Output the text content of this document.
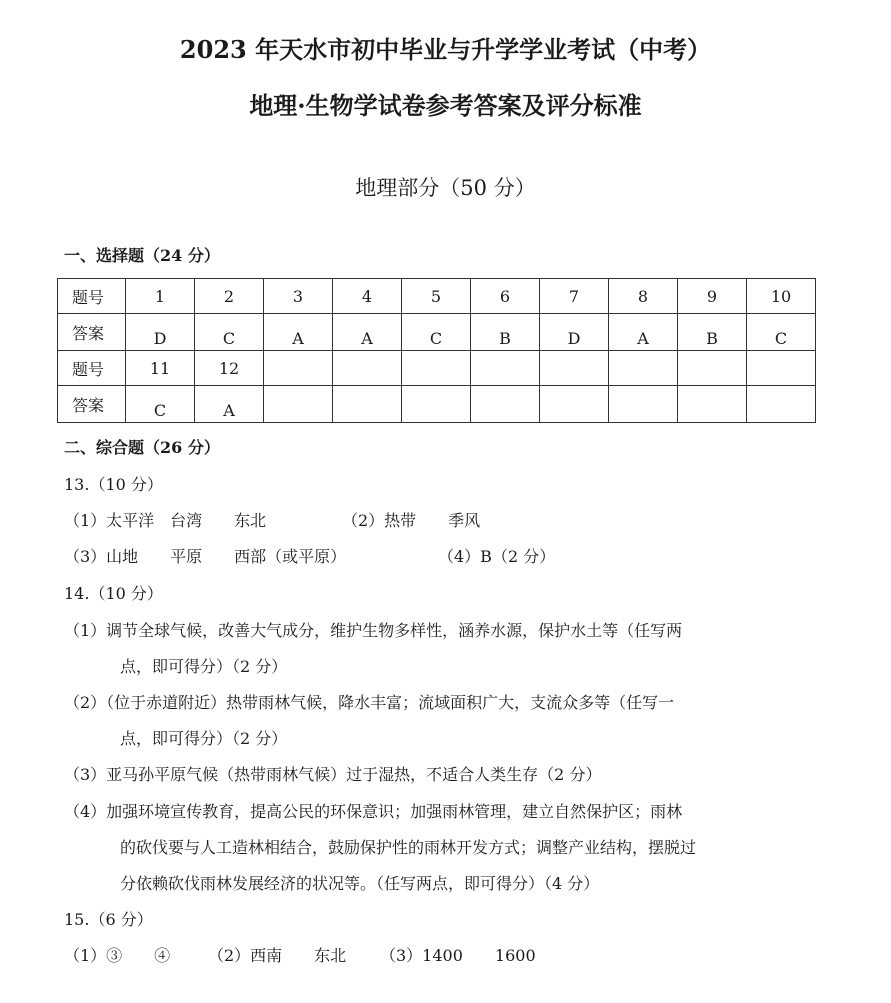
2023 年天水市初中毕业与升学学业考试（中考）
地理·生物学试卷参考答案及评分标准
地理部分（50 分）
一、选择题（24 分）
题号	1	2	3	4	5	6	7	8	9	10
答案	D	C	A	A	C	B	D	A	B	C
题号	11	12								
答案	C	A								
二、综合题（26 分）
13.（10 分）
（1）太平洋　台湾　　东北	（2）热带　　季风
（3）山地　　平原　　西部（或平原）	（4）B（2 分）
14.（10 分）
（1）调节全球气候，改善大气成分，维护生物多样性，涵养水源，保护水土等（任写两
点，即可得分）（2 分）
（2）（位于赤道附近）热带雨林气候，降水丰富；流域面积广大，支流众多等（任写一
点，即可得分）（2 分）
（3）亚马孙平原气候（热带雨林气候）过于湿热，不适合人类生存（2 分）
（4）加强环境宣传教育，提高公民的环保意识；加强雨林管理，建立自然保护区；雨林
的砍伐要与人工造林相结合，鼓励保护性的雨林开发方式；调整产业结构，摆脱过
分依赖砍伐雨林发展经济的状况等。（任写两点，即可得分）（4 分）
15.（6 分）
（1）③　　④ （2）西南　　东北 （3）1400　　1600
